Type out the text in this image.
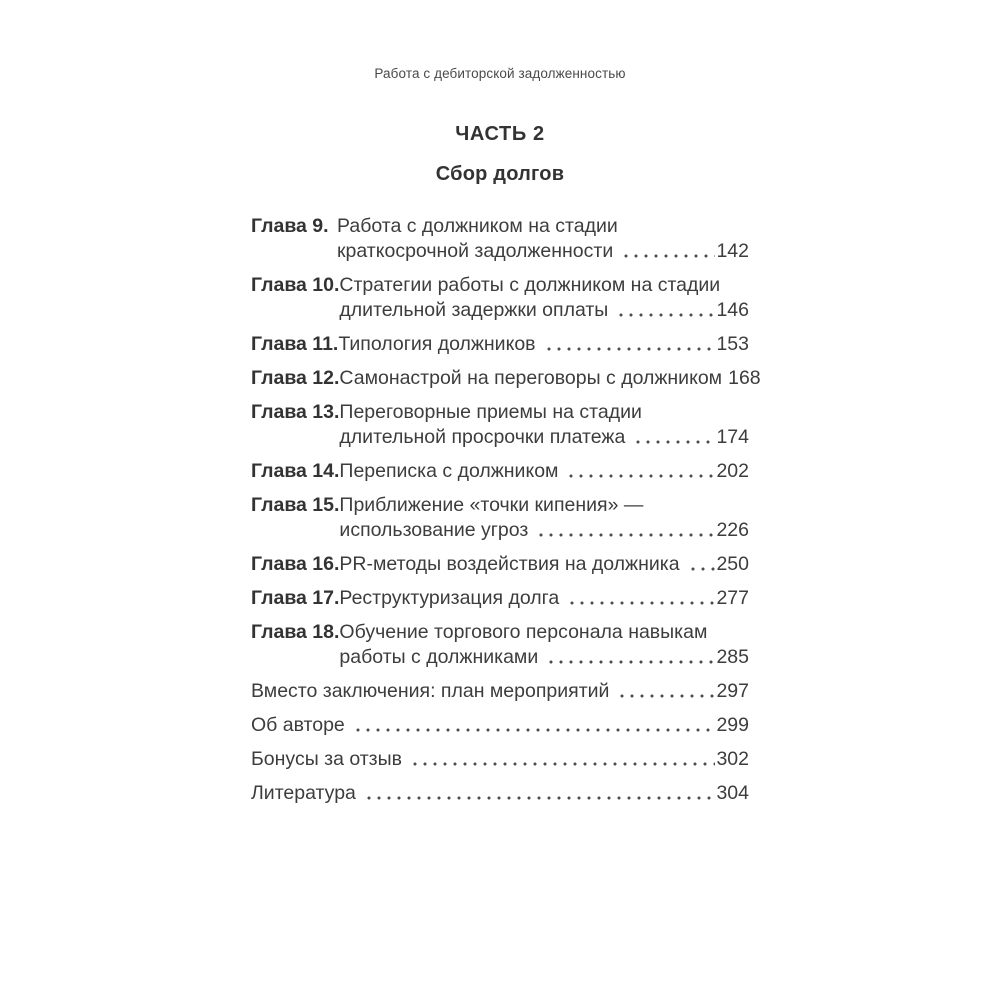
Работа с дебиторской задолженностью
ЧАСТЬ 2
Сбор долгов
Глава 9. Работа с должником на стадии
краткосрочной задолженности	142
Глава 10. Стратегии работы с должником на стадии
длительной задержки оплаты	146
Глава 11. Типология должников	153
Глава 12. Самонастрой на переговоры с должником 168
Глава 13. Переговорные приемы на стадии
длительной просрочки платежа	174
Глава 14. Переписка с должником	202
Глава 15. Приближение «точки кипения» —
использование угроз	226
Глава 16. PR-методы воздействия на должника 250
Глава 17. Реструктуризация долга	277
Глава 18. Обучение торгового персонала навыкам
работы с должниками	285
Вместо заключения: план мероприятий	297
Об авторе	299
Бонусы за отзыв	302
Литература	304
